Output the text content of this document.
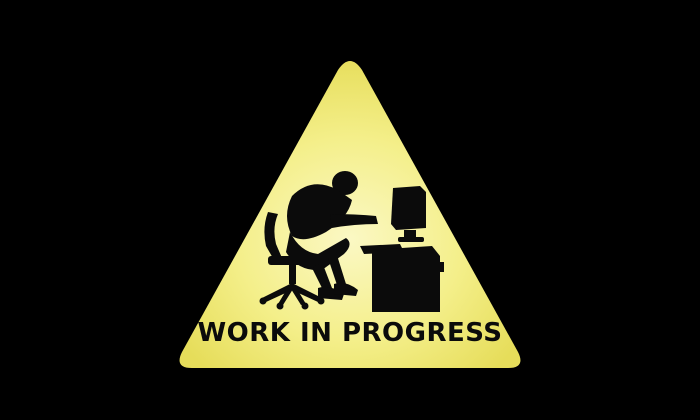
WORK IN PROGRESS
